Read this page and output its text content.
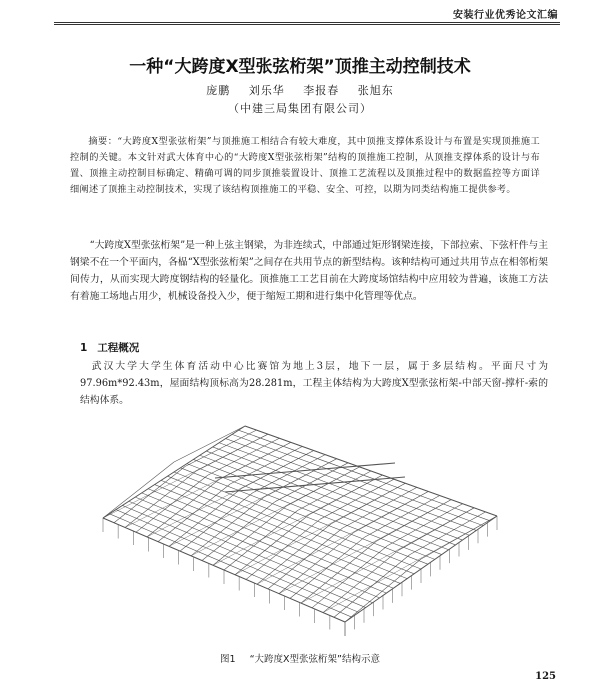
安装行业优秀论文汇编
一种“大跨度X型张弦桁架”顶推主动控制技术
庞鹏 刘乐华 李报春 张旭东
（中建三局集团有限公司）
摘要：“大跨度X型张弦桁架”与顶推施工相结合有较大难度，其中顶推支撑体系设计与布置是实现顶推施工控制的关键。本文针对武大体育中心的“大跨度X型张弦桁架”结构的顶推施工控制，从顶推支撑体系的设计与布置、顶推主动控制目标确定、精确可调的同步顶推装置设计、顶推工艺流程以及顶推过程中的数据监控等方面详细阐述了顶推主动控制技术，实现了该结构顶推施工的平稳、安全、可控，以期为同类结构施工提供参考。
“大跨度X型张弦桁架”是一种上弦主钢梁，为非连续式，中部通过矩形钢梁连接，下部拉索、下弦杆件与主钢梁不在一个平面内，各榀“X型张弦桁架”之间存在共用节点的新型结构。该种结构可通过共用节点在相邻桁架间传力，从而实现大跨度钢结构的轻量化。顶推施工工艺目前在大跨度场馆结构中应用较为普遍，该施工方法有着施工场地占用少，机械设备投入少，便于缩短工期和进行集中化管理等优点。
1 工程概况
武汉大学大学生体育活动中心比赛馆为地上3层，地下一层，属于多层结构。平面尺寸为97.96m*92.43m，屋面结构顶标高为28.281m，工程主体结构为大跨度X型张弦桁架-中部天窗-撑杆-索的结构体系。
图1 “大跨度X型张弦桁架”结构示意
125
